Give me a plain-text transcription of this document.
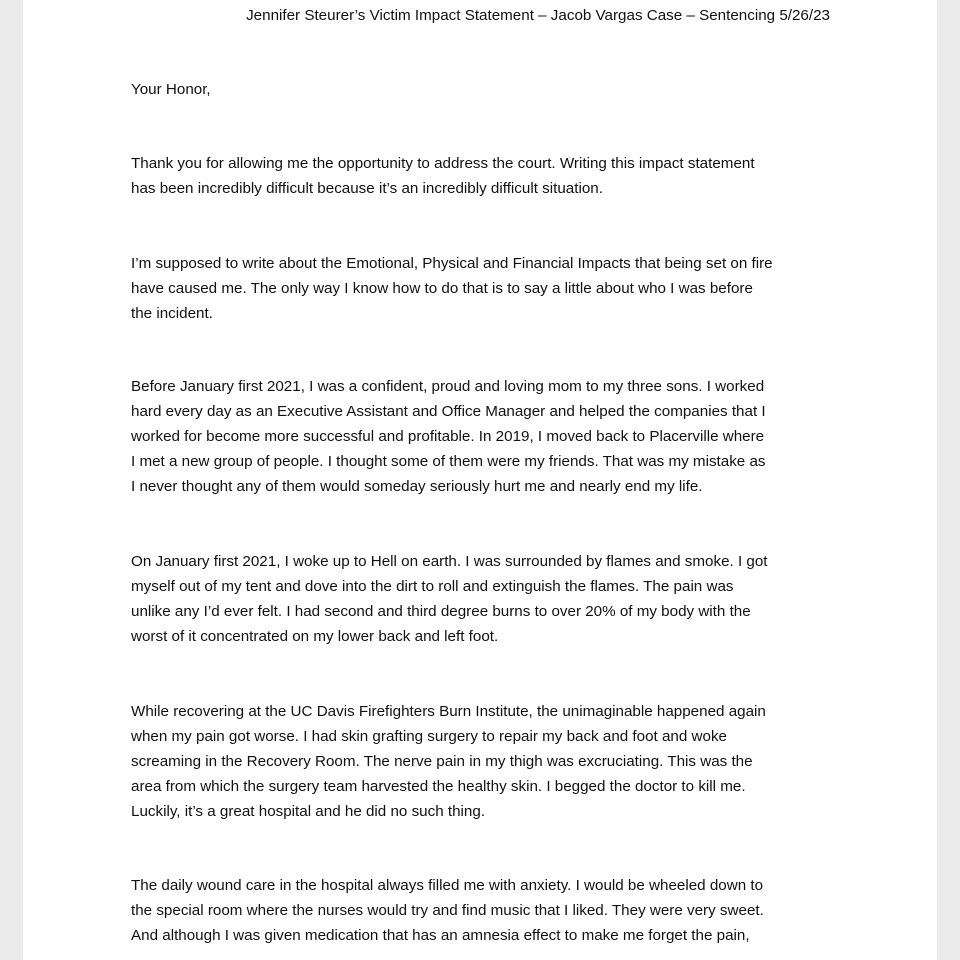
Jennifer Steurer’s Victim Impact Statement – Jacob Vargas Case – Sentencing 5/26/23

Your Honor,

Thank you for allowing me the opportunity to address the court. Writing this impact statement
has been incredibly difficult because it’s an incredibly difficult situation.

I’m supposed to write about the Emotional, Physical and Financial Impacts that being set on fire
have caused me. The only way I know how to do that is to say a little about who I was before
the incident.

Before January first 2021, I was a confident, proud and loving mom to my three sons. I worked
hard every day as an Executive Assistant and Office Manager and helped the companies that I
worked for become more successful and profitable. In 2019, I moved back to Placerville where
I met a new group of people. I thought some of them were my friends. That was my mistake as
I never thought any of them would someday seriously hurt me and nearly end my life.

On January first 2021, I woke up to Hell on earth. I was surrounded by flames and smoke. I got
myself out of my tent and dove into the dirt to roll and extinguish the flames. The pain was
unlike any I’d ever felt. I had second and third degree burns to over 20% of my body with the
worst of it concentrated on my lower back and left foot.

While recovering at the UC Davis Firefighters Burn Institute, the unimaginable happened again
when my pain got worse. I had skin grafting surgery to repair my back and foot and woke
screaming in the Recovery Room. The nerve pain in my thigh was excruciating. This was the
area from which the surgery team harvested the healthy skin. I begged the doctor to kill me.
Luckily, it’s a great hospital and he did no such thing.

The daily wound care in the hospital always filled me with anxiety. I would be wheeled down to
the special room where the nurses would try and find music that I liked. They were very sweet.
And although I was given medication that has an amnesia effect to make me forget the pain,
